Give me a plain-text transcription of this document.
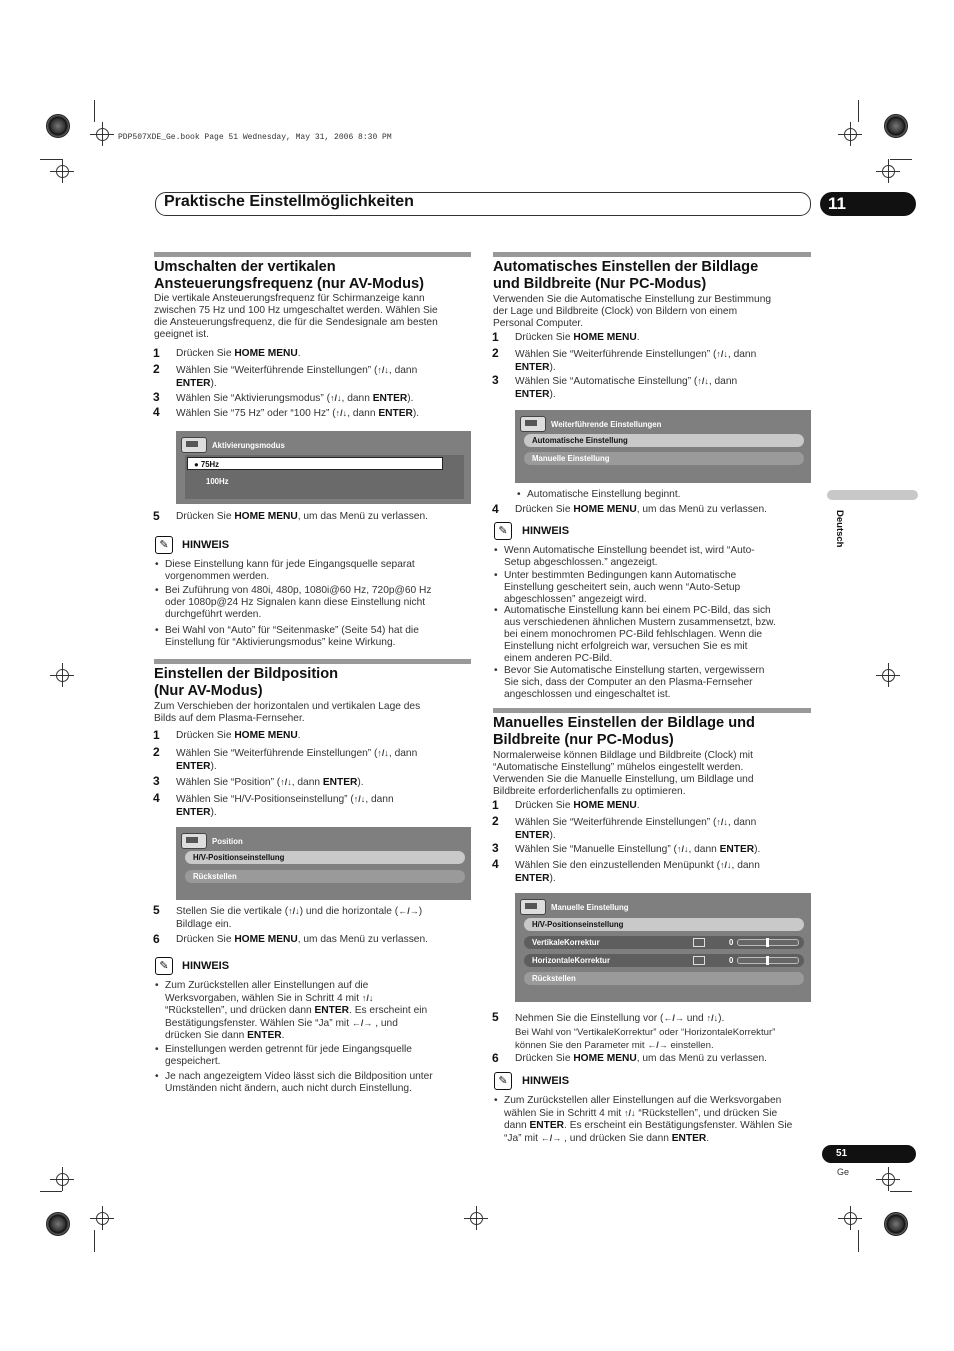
PDP507XDE_Ge.book Page 51 Wednesday, May 31, 2006 8:30 PM
Praktische Einstellmöglichkeiten	11
Umschalten der vertikalen
Ansteuerungsfrequenz (nur AV-Modus)
Die vertikale Ansteuerungsfrequenz für Schirmanzeige kann
zwischen 75 Hz und 100 Hz umgeschaltet werden. Wählen Sie
die Ansteuerungsfrequenz, die für die Sendesignale am besten
geeignet ist.
1 Drücken Sie HOME MENU.
2 Wählen Sie “Weiterführende Einstellungen” (↑/↓, dann
ENTER).
3 Wählen Sie “Aktivierungsmodus” (↑/↓, dann ENTER).
4 Wählen Sie “75 Hz” oder “100 Hz” (↑/↓, dann ENTER).
Aktivierungsmodus
● 75Hz
100Hz
5 Drücken Sie HOME MENU, um das Menü zu verlassen.
✎	HINWEIS
• Diese Einstellung kann für jede Eingangsquelle separat
vorgenommen werden.
• Bei Zuführung von 480i, 480p, 1080i@60 Hz, 720p@60 Hz
oder 1080p@24 Hz Signalen kann diese Einstellung nicht
durchgeführt werden.
• Bei Wahl von “Auto” für “Seitenmaske” (Seite 54) hat die
Einstellung für “Aktivierungsmodus” keine Wirkung.
Einstellen der Bildposition
(Nur AV-Modus)
Zum Verschieben der horizontalen und vertikalen Lage des
Bilds auf dem Plasma-Fernseher.
1 Drücken Sie HOME MENU.
2 Wählen Sie “Weiterführende Einstellungen” (↑/↓, dann
ENTER).
3 Wählen Sie “Position” (↑/↓, dann ENTER).
4 Wählen Sie “H/V-Positionseinstellung” (↑/↓, dann
ENTER).
Position
H/V-Positionseinstellung
Rückstellen
5 Stellen Sie die vertikale (↑/↓) und die horizontale (←/→)
Bildlage ein.
6 Drücken Sie HOME MENU, um das Menü zu verlassen.
✎	HINWEIS
• Zum Zurückstellen aller Einstellungen auf die
Werksvorgaben, wählen Sie in Schritt 4 mit ↑/↓
“Rückstellen”, und drücken dann ENTER. Es erscheint ein
Bestätigungsfenster. Wählen Sie “Ja” mit ←/→ , und
drücken Sie dann ENTER.
• Einstellungen werden getrennt für jede Eingangsquelle
gespeichert.
• Je nach angezeigtem Video lässt sich die Bildposition unter
Umständen nicht ändern, auch nicht durch Einstellung.
Automatisches Einstellen der Bildlage
und Bildbreite (Nur PC-Modus)
Verwenden Sie die Automatische Einstellung zur Bestimmung
der Lage und Bildbreite (Clock) von Bildern von einem
Personal Computer.
1 Drücken Sie HOME MENU.
2 Wählen Sie “Weiterführende Einstellungen” (↑/↓, dann
ENTER).
3 Wählen Sie “Automatische Einstellung” (↑/↓, dann
ENTER).
Weiterführende Einstellungen
Automatische Einstellung
Manuelle Einstellung
• Automatische Einstellung beginnt.
4 Drücken Sie HOME MENU, um das Menü zu verlassen.
✎	HINWEIS
• Wenn Automatische Einstellung beendet ist, wird “Auto-
Setup abgeschlossen.” angezeigt.
• Unter bestimmten Bedingungen kann Automatische
Einstellung gescheitert sein, auch wenn “Auto-Setup
abgeschlossen” angezeigt wird.
• Automatische Einstellung kann bei einem PC-Bild, das sich
aus verschiedenen ähnlichen Mustern zusammensetzt, bzw.
bei einem monochromen PC-Bild fehlschlagen. Wenn die
Einstellung nicht erfolgreich war, versuchen Sie es mit
einem anderen PC-Bild.
• Bevor Sie Automatische Einstellung starten, vergewissern
Sie sich, dass der Computer an den Plasma-Fernseher
angeschlossen und eingeschaltet ist.
Manuelles Einstellen der Bildlage und
Bildbreite (nur PC-Modus)
Normalerweise können Bildlage und Bildbreite (Clock) mit
“Automatische Einstellung” mühelos eingestellt werden.
Verwenden Sie die Manuelle Einstellung, um Bildlage und
Bildbreite erforderlichenfalls zu optimieren.
1 Drücken Sie HOME MENU.
2 Wählen Sie “Weiterführende Einstellungen” (↑/↓, dann
ENTER).
3 Wählen Sie “Manuelle Einstellung” (↑/↓, dann ENTER).
4 Wählen Sie den einzustellenden Menüpunkt (↑/↓, dann
ENTER).
Manuelle Einstellung
H/V-Positionseinstellung
VertikaleKorrektur	0
HorizontaleKorrektur	0
Rückstellen
5 Nehmen Sie die Einstellung vor (←/→ und ↑/↓).
Bei Wahl von “VertikaleKorrektur” oder “HorizontaleKorrektur”
können Sie den Parameter mit ←/→ einstellen.
6 Drücken Sie HOME MENU, um das Menü zu verlassen.
✎	HINWEIS
• Zum Zurückstellen aller Einstellungen auf die Werksvorgaben
wählen Sie in Schritt 4 mit ↑/↓ “Rückstellen”, und drücken Sie
dann ENTER. Es erscheint ein Bestätigungsfenster. Wählen Sie
“Ja” mit ←/→ , und drücken Sie dann ENTER.
Deutsch
51
Ge
